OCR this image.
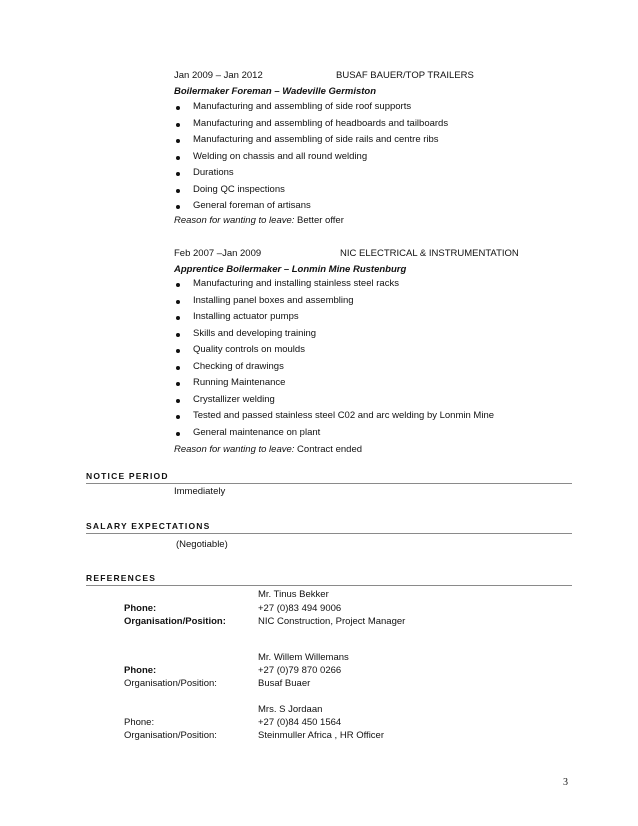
Jan 2009 – Jan 2012	BUSAF BAUER/TOP TRAILERS
Boilermaker Foreman – Wadeville Germiston
Manufacturing and assembling of side roof supports
Manufacturing and assembling of headboards and tailboards
Manufacturing and assembling of side rails and centre ribs
Welding on chassis and all round welding
Durations
Doing QC inspections
General foreman of artisans
Reason for wanting to leave: Better offer
Feb 2007 –Jan 2009	NIC ELECTRICAL & INSTRUMENTATION
Apprentice Boilermaker – Lonmin Mine Rustenburg
Manufacturing and installing stainless steel racks
Installing panel boxes and assembling
Installing actuator pumps
Skills and developing training
Quality controls on moulds
Checking of drawings
Running Maintenance
Crystallizer welding
Tested and passed stainless steel C02 and arc welding by Lonmin Mine
General maintenance on plant
Reason for wanting to leave: Contract ended
NOTICE PERIOD
Immediately
SALARY EXPECTATIONS
(Negotiable)
REFERENCES
Mr. Tinus Bekker
Phone:	+27 (0)83 494 9006
Organisation/Position:	NIC Construction, Project Manager
Mr. Willem Willemans
Phone:	+27 (0)79 870 0266
Organisation/Position:	Busaf Buaer
Mrs. S Jordaan
Phone:	+27 (0)84 450 1564
Organisation/Position:	Steinmuller Africa , HR Officer
3
